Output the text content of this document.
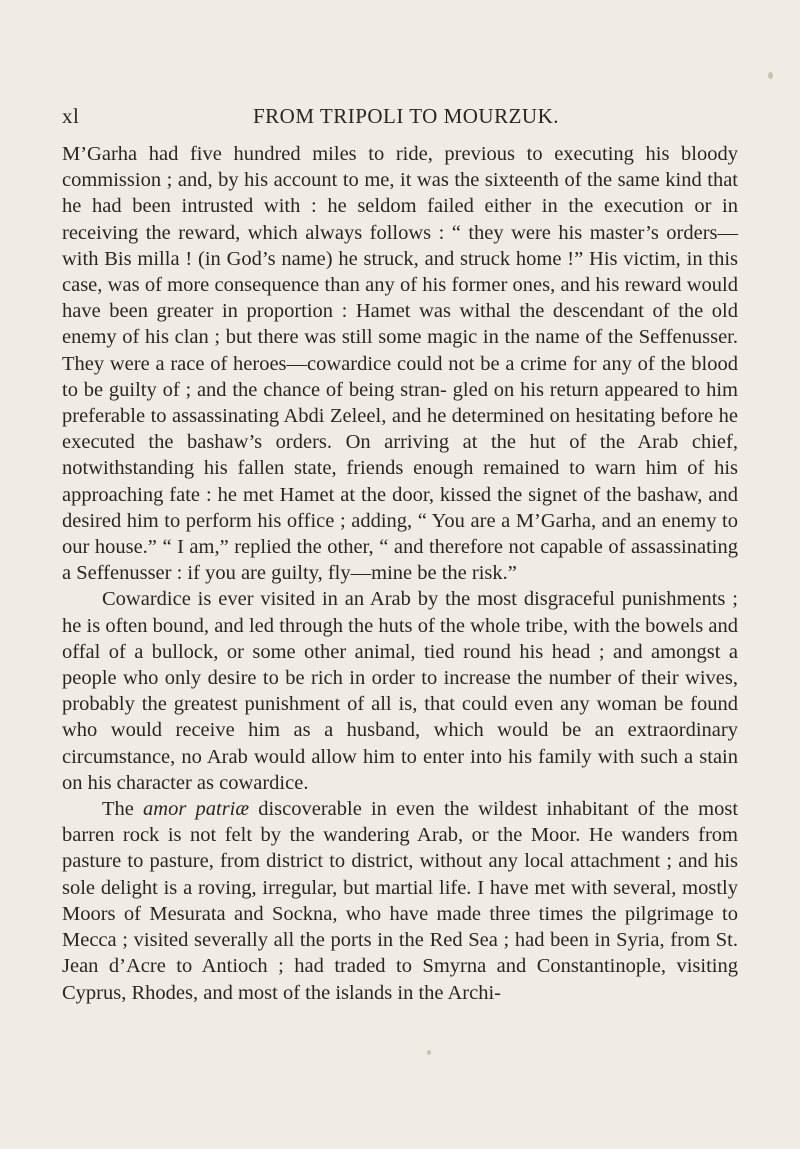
xl	FROM TRIPOLI TO MOURZUK.

M’Garha had five hundred miles to ride, previous to executing his bloody commission ; and, by his account to me, it was the sixteenth of the same kind that he had been intrusted with : he seldom failed either in the execution or in receiving the reward, which always follows : “ they were his master’s orders—with Bis milla ! (in God’s name) he struck, and struck home !” His victim, in this case, was of more consequence than any of his former ones, and his reward would have been greater in proportion : Hamet was withal the descendant of the old enemy of his clan ; but there was still some magic in the name of the Seffenusser. They were a race of heroes—cowardice could not be a crime for any of the blood to be guilty of ; and the chance of being stran- gled on his return appeared to him preferable to assassinating Abdi Zeleel, and he determined on hesitating before he executed the bashaw’s orders. On arriving at the hut of the Arab chief, notwithstanding his fallen state, friends enough remained to warn him of his approaching fate : he met Hamet at the door, kissed the signet of the bashaw, and desired him to perform his office ; adding, “ You are a M’Garha, and an enemy to our house.” “ I am,” replied the other, “ and therefore not capable of assassinating a Seffenusser : if you are guilty, fly—mine be the risk.”

Cowardice is ever visited in an Arab by the most disgraceful punishments ; he is often bound, and led through the huts of the whole tribe, with the bowels and offal of a bullock, or some other animal, tied round his head ; and amongst a people who only desire to be rich in order to increase the number of their wives, probably the greatest punishment of all is, that could even any woman be found who would receive him as a husband, which would be an extraordinary circumstance, no Arab would allow him to enter into his family with such a stain on his character as cowardice.

The amor patriæ discoverable in even the wildest inhabitant of the most barren rock is not felt by the wandering Arab, or the Moor. He wanders from pasture to pasture, from district to district, without any local attachment ; and his sole delight is a roving, irregular, but martial life. I have met with several, mostly Moors of Mesurata and Sockna, who have made three times the pilgrimage to Mecca ; visited severally all the ports in the Red Sea ; had been in Syria, from St. Jean d’Acre to Antioch ; had traded to Smyrna and Constantinople, visiting Cyprus, Rhodes, and most of the islands in the Archi-
